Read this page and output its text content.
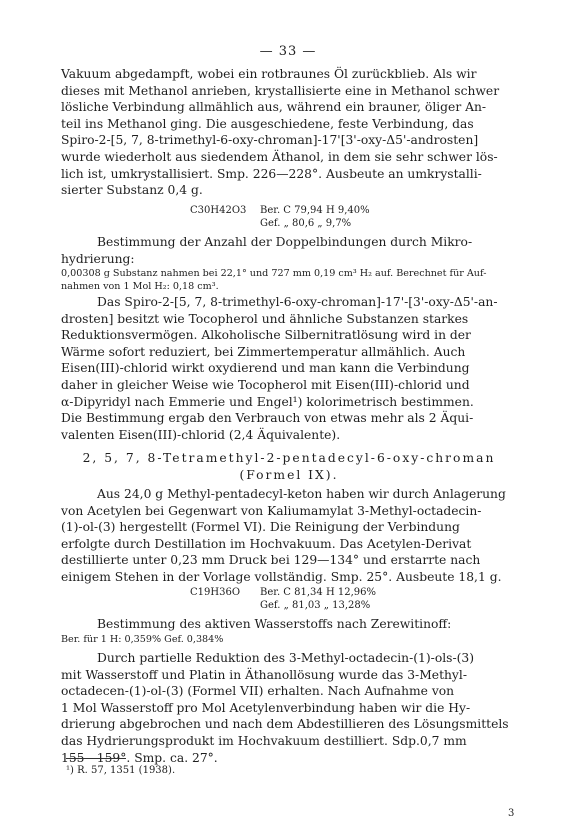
— 33 —

Vakuum abgedampft, wobei ein rotbraunes Öl zurückblieb. Als wir
dieses mit Methanol anrieben, krystallisierte eine in Methanol schwer
lösliche Verbindung allmählich aus, während ein brauner, öliger An-
teil ins Methanol ging. Die ausgeschiedene, feste Verbindung, das
Spiro-2-[5, 7, 8-trimethyl-6-oxy-chroman]-17'[3'-oxy-Δ5'-androsten]
wurde wiederholt aus siedendem Äthanol, in dem sie sehr schwer lös-
lich ist, umkrystallisiert. Smp. 226—228°. Ausbeute an umkrystalli-
sierter Substanz 0,4 g.

C30H42O3 Ber. C 79,94 H 9,40%
Gef. „ 80,6 „ 9,7%

Bestimmung der Anzahl der Doppelbindungen durch Mikro-

hydrierung:

0,00308 g Substanz nahmen bei 22,1° und 727 mm 0,19 cm³ H₂ auf. Berechnet für Auf-

nahmen von 1 Mol H₂: 0,18 cm³.

Das Spiro-2-[5, 7, 8-trimethyl-6-oxy-chroman]-17'-[3'-oxy-Δ5'-an-
drosten] besitzt wie Tocopherol und ähnliche Substanzen starkes
Reduktionsvermögen. Alkoholische Silbernitratlösung wird in der
Wärme sofort reduziert, bei Zimmertemperatur allmählich. Auch
Eisen(III)-chlorid wirkt oxydierend und man kann die Verbindung
daher in gleicher Weise wie Tocopherol mit Eisen(III)-chlorid und
α-Dipyridyl nach Emmerie und Engel¹) kolorimetrisch bestimmen.
Die Bestimmung ergab den Verbrauch von etwas mehr als 2 Äqui-
valenten Eisen(III)-chlorid (2,4 Äquivalente).

2, 5, 7, 8-Tetramethyl-2-pentadecyl-6-oxy-chroman

(Formel IX).

Aus 24,0 g Methyl-pentadecyl-keton haben wir durch Anlagerung
von Acetylen bei Gegenwart von Kaliumamylat 3-Methyl-octadecin-
(1)-ol-(3) hergestellt (Formel VI). Die Reinigung der Verbindung
erfolgte durch Destillation im Hochvakuum. Das Acetylen-Derivat
destillierte unter 0,23 mm Druck bei 129—134° und erstarrte nach
einigem Stehen in der Vorlage vollständig. Smp. 25°. Ausbeute 18,1 g.

C19H36O Ber. C 81,34 H 12,96%
Gef. „ 81,03 „ 13,28%

Bestimmung des aktiven Wasserstoffs nach Zerewitinoff:

Ber. für 1 H: 0,359% Gef. 0,384%

Durch partielle Reduktion des 3-Methyl-octadecin-(1)-ols-(3)
mit Wasserstoff und Platin in Äthanollösung wurde das 3-Methyl-
octadecen-(1)-ol-(3) (Formel VII) erhalten. Nach Aufnahme von
1 Mol Wasserstoff pro Mol Acetylenverbindung haben wir die Hy-
drierung abgebrochen und nach dem Abdestillieren des Lösungsmittels
das Hydrierungsprodukt im Hochvakuum destilliert. Sdp.0,7 mm
155—159°. Smp. ca. 27°.

¹) R. 57, 1351 (1938).
3
